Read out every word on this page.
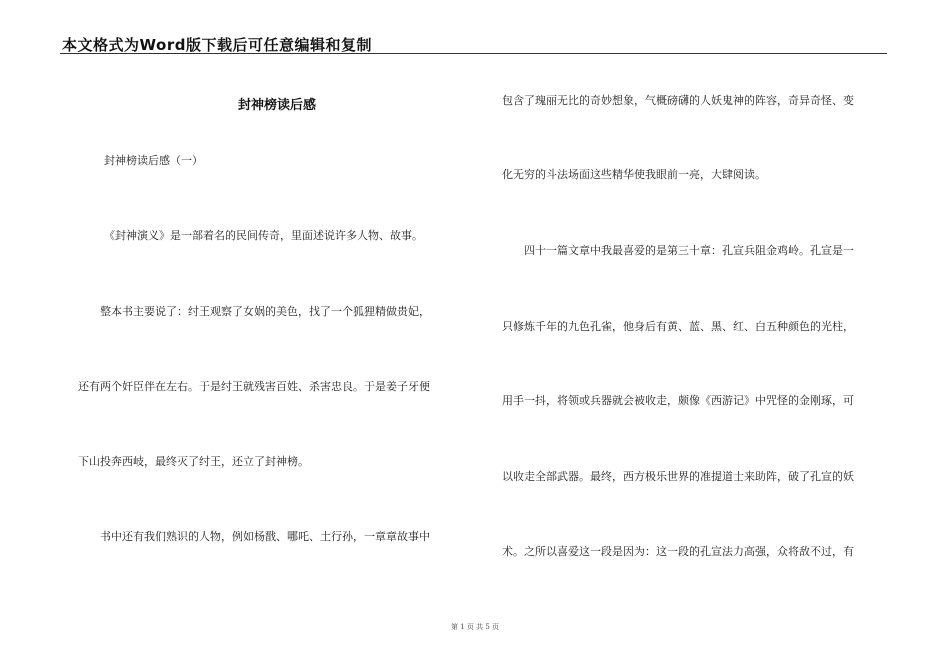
本文格式为Word版下载后可任意编辑和复制
封神榜读后感
封神榜读后感（一）
《封神演义》是一部着名的民间传奇，里面述说许多人物、故事。
整本书主要说了：纣王观察了女娲的美色，找了一个狐狸精做贵妃，
还有两个奸臣伴在左右。于是纣王就残害百姓、杀害忠良。于是姜子牙便
下山投奔西岐，最终灭了纣王，还立了封神榜。
书中还有我们熟识的人物，例如杨戬、哪吒、土行孙，一章章故事中
包含了瑰丽无比的奇妙想象，气概磅礴的人妖鬼神的阵容，奇异奇怪、变
化无穷的斗法场面这些精华使我眼前一亮，大肆阅读。
四十一篇文章中我最喜爱的是第三十章：孔宣兵阻金鸡岭。孔宣是一
只修炼千年的九色孔雀，他身后有黄、蓝、黑、红、白五种颜色的光柱，
用手一抖，将领或兵器就会被收走，颇像《西游记》中咒怪的金刚琢，可
以收走全部武器。最终，西方极乐世界的准提道士来助阵，破了孔宣的妖
术。之所以喜爱这一段是因为：这一段的孔宣法力高强，众将敌不过，有
第 1 页 共 5 页
